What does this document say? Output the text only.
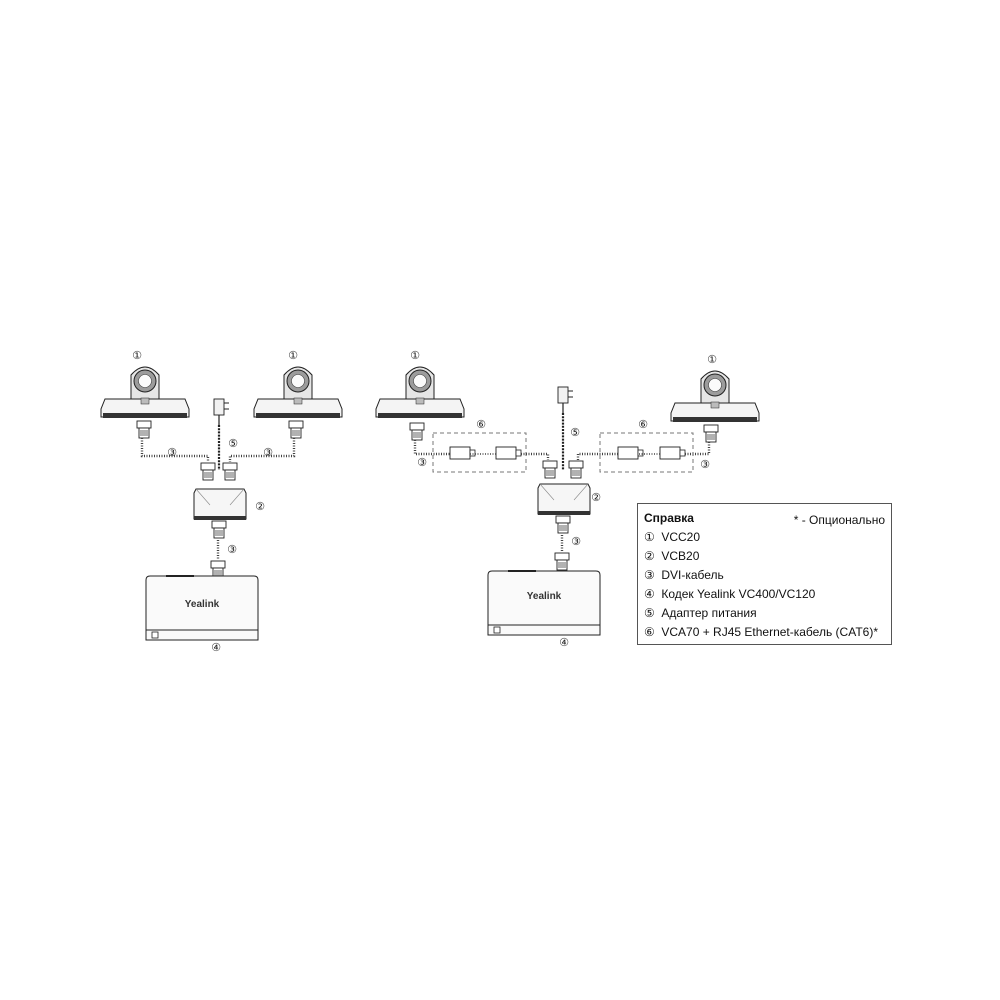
①	①
③	③
⑤
②
③
Yealink
④
①	①
⑥	⑥
③	③
⑤
②
③
Yealink
④
Справка	* - Опционально
① VCC20
② VCB20
③ DVI-кабель
④ Кодек Yealink VC400/VC120
⑤ Адаптер питания
⑥ VCA70 + RJ45 Ethernet-кабель (CAT6)*
